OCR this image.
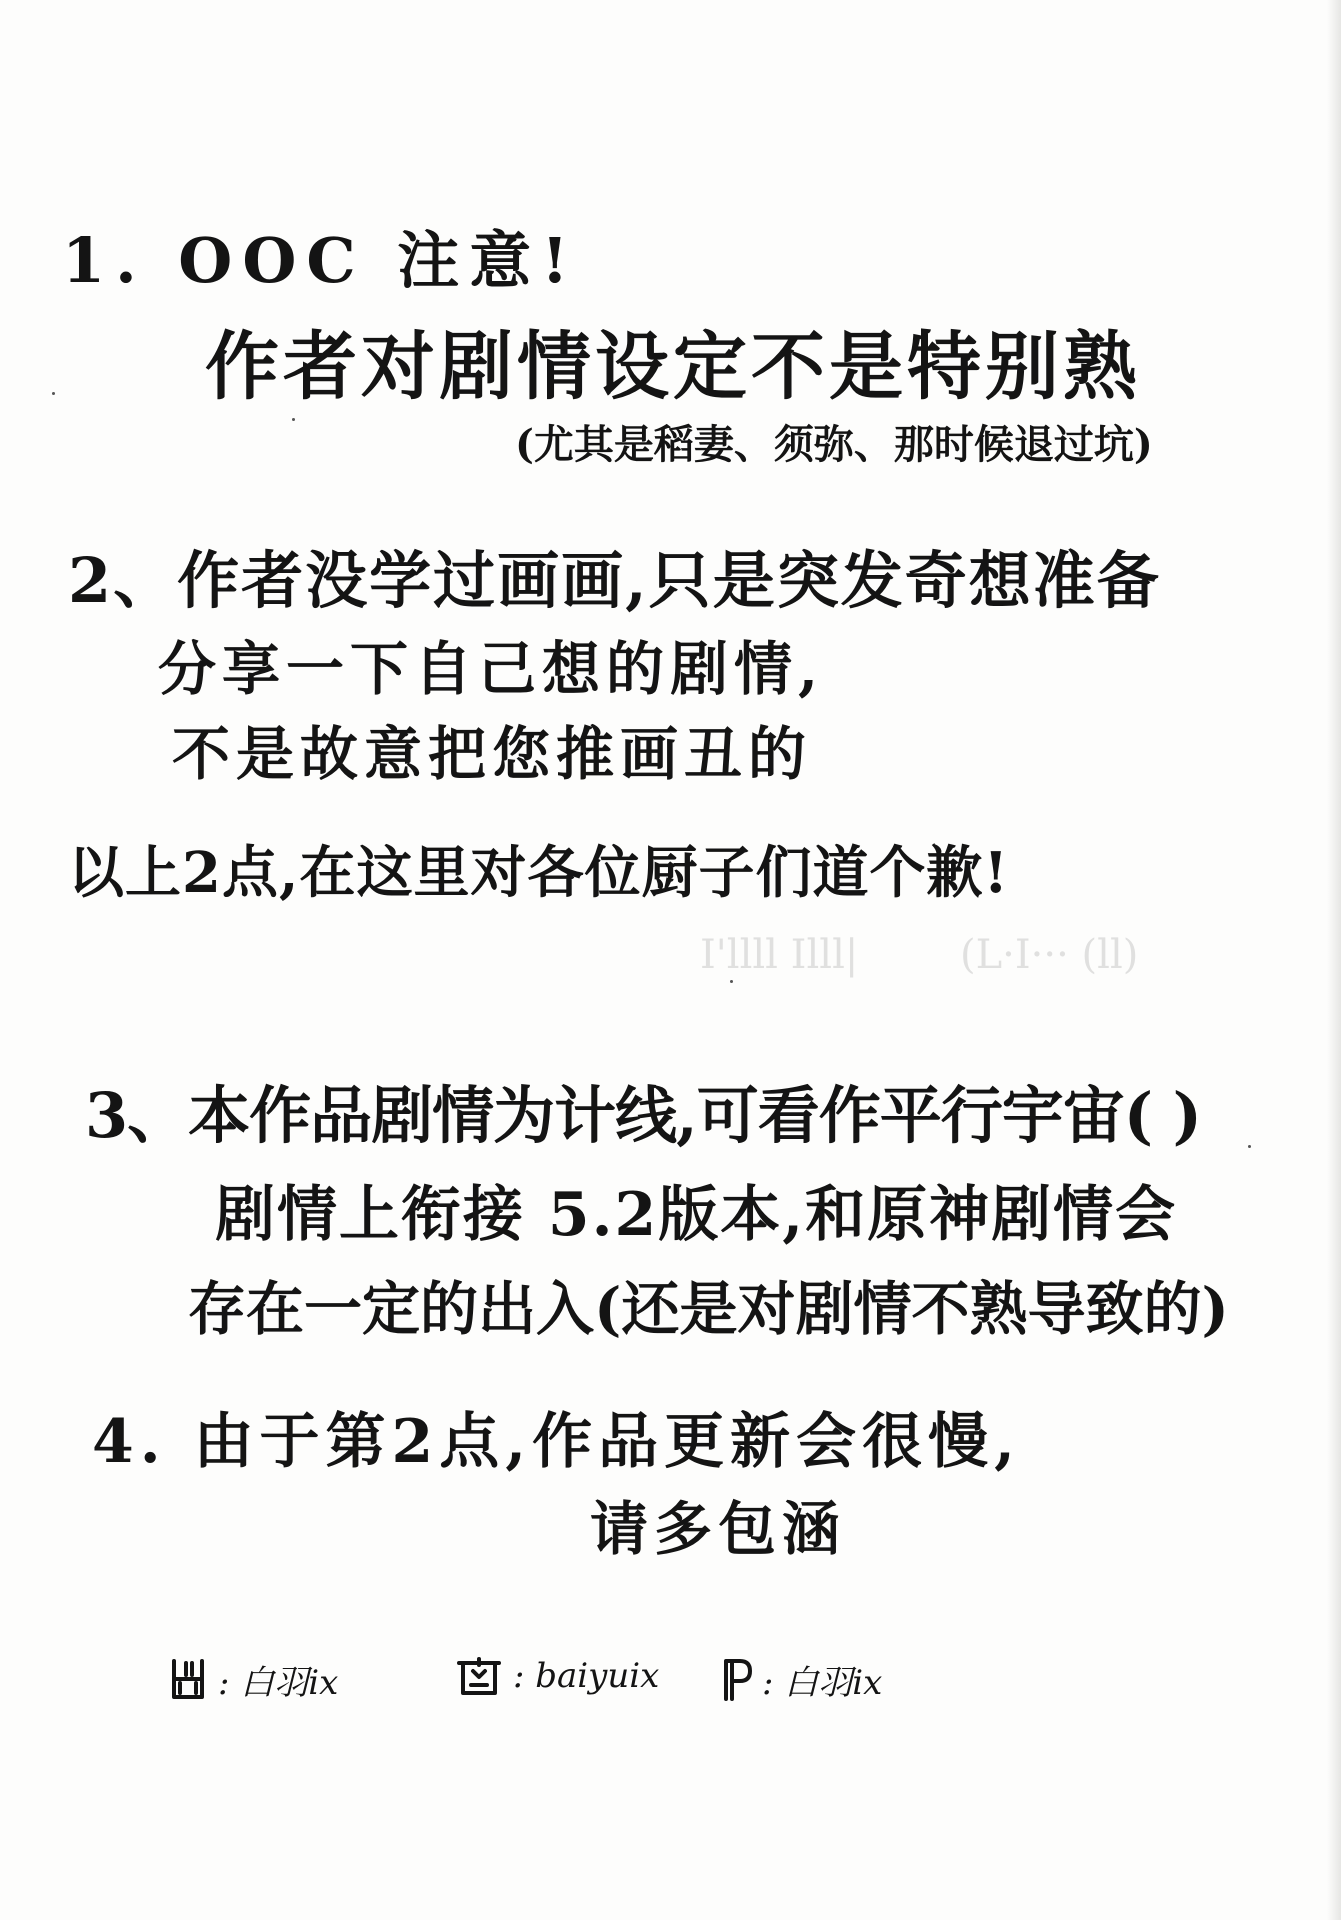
I'llll Illl|	(L·I··· (ll)
1. OOC 注意!
作者对剧情设定不是特别熟
(尤其是稻妻、须弥、那时候退过坑)
2、作者没学过画画,只是突发奇想准备
分享一下自己想的剧情,
不是故意把您推画丑的
以上2点,在这里对各位厨子们道个歉!
3、本作品剧情为计线,可看作平行宇宙( )
剧情上衔接 5.2版本,和原神剧情会
存在一定的出入(还是对剧情不熟导致的)
4. 由于第2点,作品更新会很慢,
请多包涵
: 白羽ix	: baiyuix	: 白羽ix
